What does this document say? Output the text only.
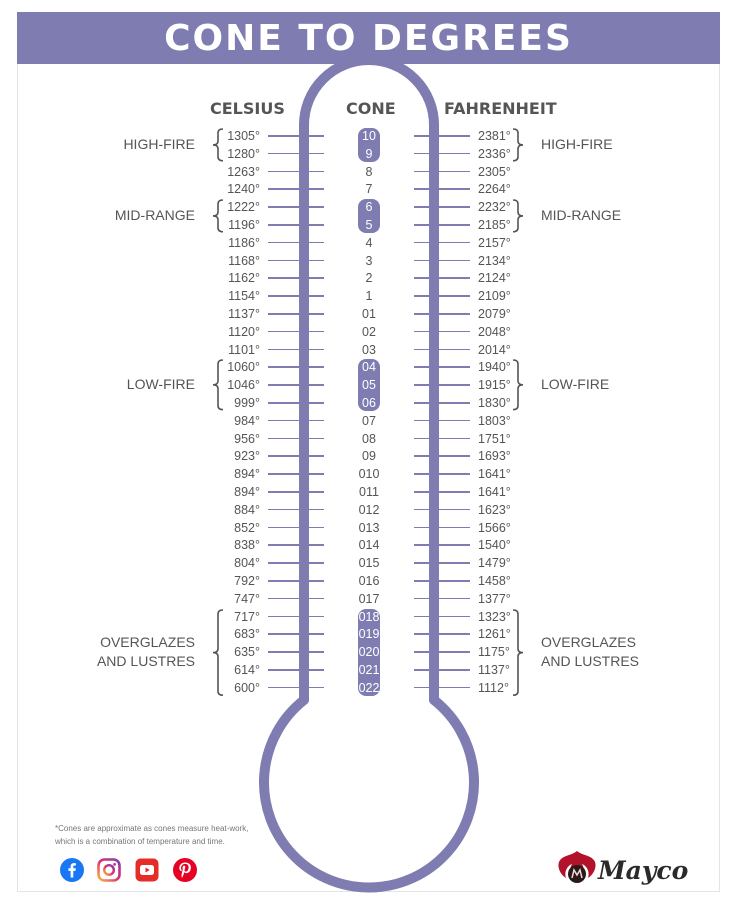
CONE TO DEGREES
CELSIUS	CONE	FAHRENHEIT
1305°	10	2381°
1280°	9	2336°
1263°	8	2305°
1240°	7	2264°
1222°	6	2232°
1196°	5	2185°
1186°	4	2157°
1168°	3	2134°
1162°	2	2124°
1154°	1	2109°
1137°	01	2079°
1120°	02	2048°
1101°	03	2014°
1060°	04	1940°
1046°	05	1915°
999°	06	1830°
984°	07	1803°
956°	08	1751°
923°	09	1693°
894°	010	1641°
894°	011	1641°
884°	012	1623°
852°	013	1566°
838°	014	1540°
804°	015	1479°
792°	016	1458°
747°	017	1377°
717°	018	1323°
683°	019	1261°
635°	020	1175°
614°	021	1137°
600°	022	1112°
HIGH-FIRE	HIGH-FIRE
MID-RANGE	MID-RANGE
LOW-FIRE	LOW-FIRE
OVERGLAZES
AND LUSTRES
OVERGLAZES
AND LUSTRES
*Cones are approximate as cones measure heat-work,
which is a combination of temperature and time.
Mayco
